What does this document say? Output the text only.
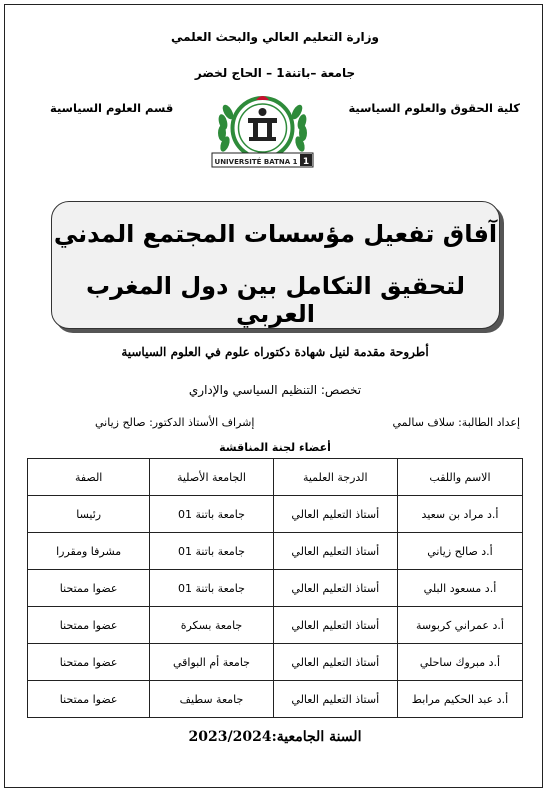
وزارة التعليم العالي والبحث العلمي
جامعة –باتنة1 – الحاج لخضر
كلية الحقوق والعلوم السياسية
قسم العلوم السياسية
1
UNIVERSITÉ BATNA 1
آفاق تفعيل مؤسسات المجتمع المدني
لتحقيق التكامل بين دول المغرب العربي
أطروحة مقدمة لنيل شهادة دكتوراه علوم في العلوم السياسية
تخصص: التنظيم السياسي والإداري
إعداد الطالبة: سلاف سالمي
إشراف الأستاذ الدكتور: صالح زياني
أعضاء لجنة المناقشة
الاسم واللقب	الدرجة العلمية	الجامعة الأصلية	الصفة
أ.د مراد بن سعيد	أستاذ التعليم العالي	جامعة باتنة 01	رئيسا
أ.د صالح زياني	أستاذ التعليم العالي	جامعة باتنة 01	مشرفا ومقررا
أ.د مسعود البلي	أستاذ التعليم العالي	جامعة باتنة 01	عضوا ممتحنا
أ.د عمراني كربوسة	أستاذ التعليم العالي	جامعة بسكرة	عضوا ممتحنا
أ.د مبروك ساحلي	أستاذ التعليم العالي	جامعة أم البواقي	عضوا ممتحنا
أ.د عبد الحكيم مرابط	أستاذ التعليم العالي	جامعة سطيف	عضوا ممتحنا
السنة الجامعية:2023/2024
